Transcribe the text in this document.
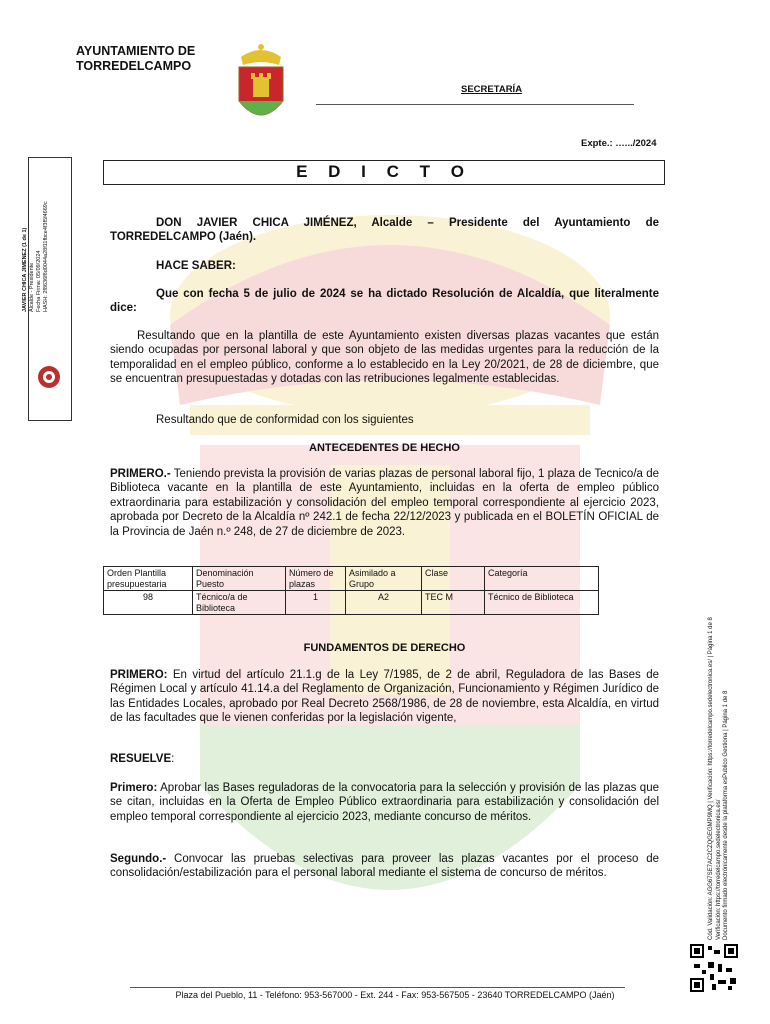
AYUNTAMIENTO DE
TORREDELCAMPO
SECRETARÍA
Expte.: ….../2024
E D I C T O
JAVIER CHICA JIMENEZ (1 de 1) Alcalde - Presidente Fecha Firma: 05/09/2024 HASH: 2f8636f8d0044a28f11fbce4f3f5f4669c	DON JAVIER CHICA JIMÉNEZ, Alcalde – Presidente del Ayuntamiento de TORREDELCAMPO (Jaén).
HACE SABER:
Que con fecha 5 de julio de 2024 se ha dictado Resolución de Alcaldía, que literalmente dice:
Resultando que en la plantilla de este Ayuntamiento existen diversas plazas vacantes que están siendo ocupadas por personal laboral y que son objeto de las medidas urgentes para la reducción de la temporalidad en el empleo público, conforme a lo establecido en la Ley 20/2021, de 28 de diciembre, que se encuentran presupuestadas y dotadas con las retribuciones legalmente establecidas.
Resultando que de conformidad con los siguientes
ANTECEDENTES DE HECHO
PRIMERO.- Teniendo prevista la provisión de varias plazas de personal laboral fijo, 1 plaza de Tecnico/a de Biblioteca vacante en la plantilla de este Ayuntamiento, incluidas en la oferta de empleo público extraordinaria para estabilización y consolidación del empleo temporal correspondiente al ejercicio 2023, aprobada por Decreto de la Alcaldía nº 242.1 de fecha 22/12/2023 y publicada en el BOLETÍN OFICIAL de la Provincia de Jaén n.º 248, de 27 de diciembre de 2023.
Orden Plantilla presupuestaria	Denominación Puesto	Número de plazas	Asimilado a Grupo	Clase	Categoría
98	Técnico/a de Biblioteca	1	A2	TEC M	Técnico de Biblioteca
FUNDAMENTOS DE DERECHO
PRIMERO: En virtud del artículo 21.1.g de la Ley 7/1985, de 2 de abril, Reguladora de las Bases de Régimen Local y artículo 41.14.a del Reglamento de Organización, Funcionamiento y Régimen Jurídico de las Entidades Locales, aprobado por Real Decreto 2568/1986, de 28 de noviembre, esta Alcaldía, en virtud de las facultades que le vienen conferidas por la legislación vigente,
RESUELVE:
Primero: Aprobar las Bases reguladoras de la convocatoria para la selección y provisión de las plazas que se citan, incluidas en la Oferta de Empleo Público extraordinaria para estabilización y consolidación del empleo temporal correspondiente al ejercicio 2023, mediante concurso de méritos.
Segundo.- Convocar las pruebas selectivas para proveer las plazas vacantes por el proceso de consolidación/estabilización para el personal laboral mediante el sistema de concurso de méritos.	Cód. Validación: AGG67SE7AC2CZQGEGMP9MQ | Verificación: https://torredelcampo.sedelectronica.es/ | Página 1 de 8 Verificación: https://torredelcampo.sedelectronica.es/ Documento firmado electrónicamente desde la plataforma esPublico Gestiona | Página 1 de 8
Plaza del Pueblo, 11 - Teléfono: 953-567000 - Ext. 244 - Fax: 953-567505 - 23640 TORREDELCAMPO (Jaén)
